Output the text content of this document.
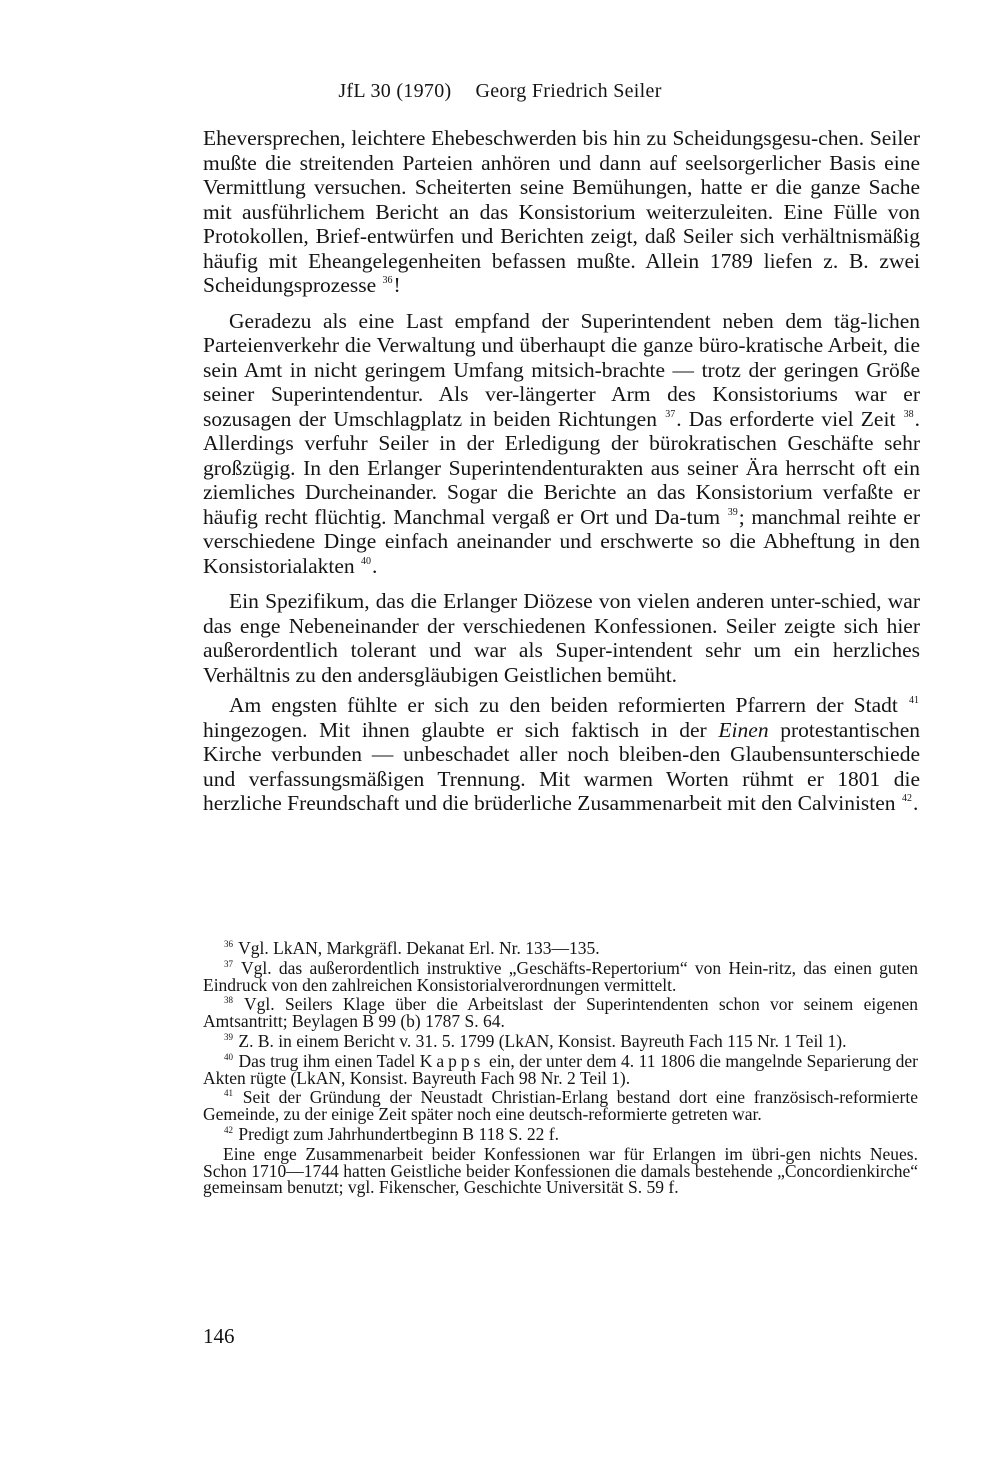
JfL 30 (1970) Georg Friedrich Seiler

Eheversprechen, leichtere Ehebeschwerden bis hin zu Scheidungsgesu-chen. Seiler mußte die streitenden Parteien anhören und dann auf seelsorgerlicher Basis eine Vermittlung versuchen. Scheiterten seine Bemühungen, hatte er die ganze Sache mit ausführlichem Bericht an das Konsistorium weiterzuleiten. Eine Fülle von Protokollen, Brief-entwürfen und Berichten zeigt, daß Seiler sich verhältnismäßig häufig mit Eheangelegenheiten befassen mußte. Allein 1789 liefen z. B. zwei Scheidungsprozesse $^{36}$!

Geradezu als eine Last empfand der Superintendent neben dem täg-lichen Parteienverkehr die Verwaltung und überhaupt die ganze büro-kratische Arbeit, die sein Amt in nicht geringem Umfang mitsich-brachte — trotz der geringen Größe seiner Superintendentur. Als ver-längerter Arm des Konsistoriums war er sozusagen der Umschlagplatz in beiden Richtungen $^{37}$. Das erforderte viel Zeit $^{38}$. Allerdings verfuhr Seiler in der Erledigung der bürokratischen Geschäfte sehr großzügig. In den Erlanger Superintendenturakten aus seiner Ära herrscht oft ein ziemliches Durcheinander. Sogar die Berichte an das Konsistorium verfaßte er häufig recht flüchtig. Manchmal vergaß er Ort und Da-tum $^{39}$; manchmal reihte er verschiedene Dinge einfach aneinander und erschwerte so die Abheftung in den Konsistorialakten $^{40}$.

Ein Spezifikum, das die Erlanger Diözese von vielen anderen unter-schied, war das enge Nebeneinander der verschiedenen Konfessionen. Seiler zeigte sich hier außerordentlich tolerant und war als Super-intendent sehr um ein herzliches Verhältnis zu den andersgläubigen Geistlichen bemüht.

Am engsten fühlte er sich zu den beiden reformierten Pfarrern der Stadt $^{41}$ hingezogen. Mit ihnen glaubte er sich faktisch in der Einen protestantischen Kirche verbunden — unbeschadet aller noch bleiben-den Glaubensunterschiede und verfassungsmäßigen Trennung. Mit warmen Worten rühmt er 1801 die herzliche Freundschaft und die brüderliche Zusammenarbeit mit den Calvinisten $^{42}$.

$^{36}$ Vgl. LkAN, Markgräfl. Dekanat Erl. Nr. 133—135.

$^{37}$ Vgl. das außerordentlich instruktive „Geschäfts-Repertorium“ von Hein-ritz, das einen guten Eindruck von den zahlreichen Konsistorialverordnungen vermittelt.

$^{38}$ Vgl. Seilers Klage über die Arbeitslast der Superintendenten schon vor seinem eigenen Amtsantritt; Beylagen B 99 (b) 1787 S. 64.

$^{39}$ Z. B. in einem Bericht v. 31. 5. 1799 (LkAN, Konsist. Bayreuth Fach 115 Nr. 1 Teil 1).

$^{40}$ Das trug ihm einen Tadel Kapps ein, der unter dem 4. 11 1806 die mangelnde Separierung der Akten rügte (LkAN, Konsist. Bayreuth Fach 98 Nr. 2 Teil 1).

$^{41}$ Seit der Gründung der Neustadt Christian-Erlang bestand dort eine französisch-reformierte Gemeinde, zu der einige Zeit später noch eine deutsch-reformierte getreten war.

$^{42}$ Predigt zum Jahrhundertbeginn B 118 S. 22 f.

Eine enge Zusammenarbeit beider Konfessionen war für Erlangen im übri-gen nichts Neues. Schon 1710—1744 hatten Geistliche beider Konfessionen die damals bestehende „Concordienkirche“ gemeinsam benutzt; vgl. Fikenscher, Geschichte Universität S. 59 f.

146
